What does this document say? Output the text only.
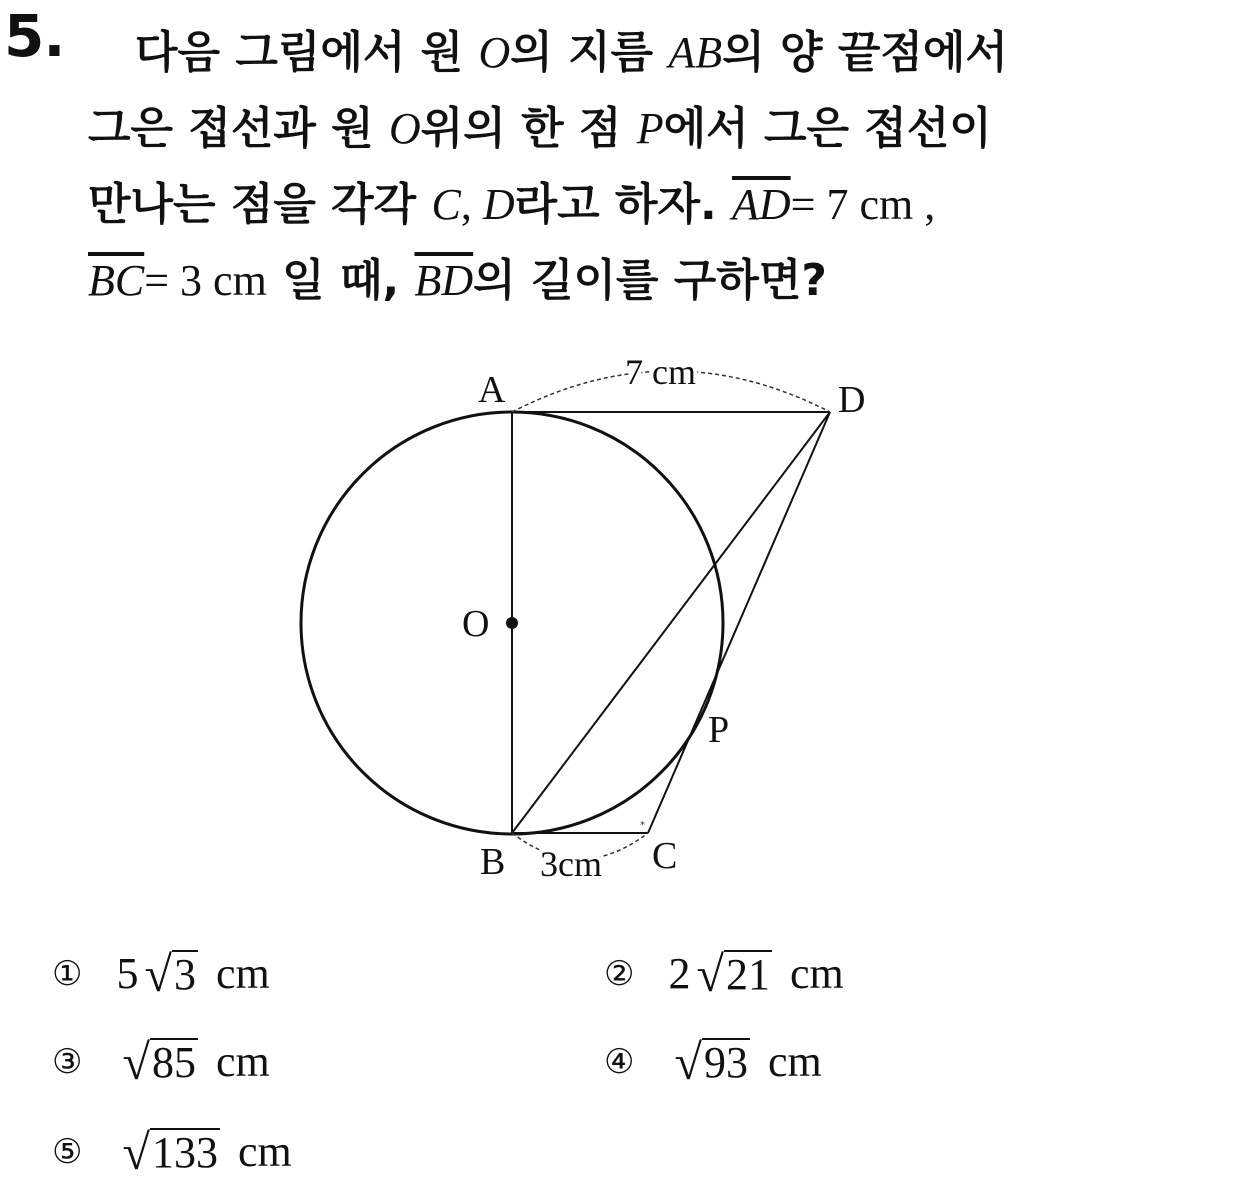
5. 다음 그림에서 원 O의 지름 AB의 양 끝점에서
그은 접선과 원 O위의 한 점 P에서 그은 접선이
만나는 점을 각각 C, D라고 하자. $\overline{AD}= 7$ cm ,
$\overline{BC}= 3$ cm 일 때, $\overline{BD}$의 길이를 구하면?
*
A	D
O
P
B	C
7 cm
3cm
① 5 √ 3 cm	② 2 √ 21 cm
③ √ 85 cm	④ √ 93 cm
⑤ √ 133 cm
